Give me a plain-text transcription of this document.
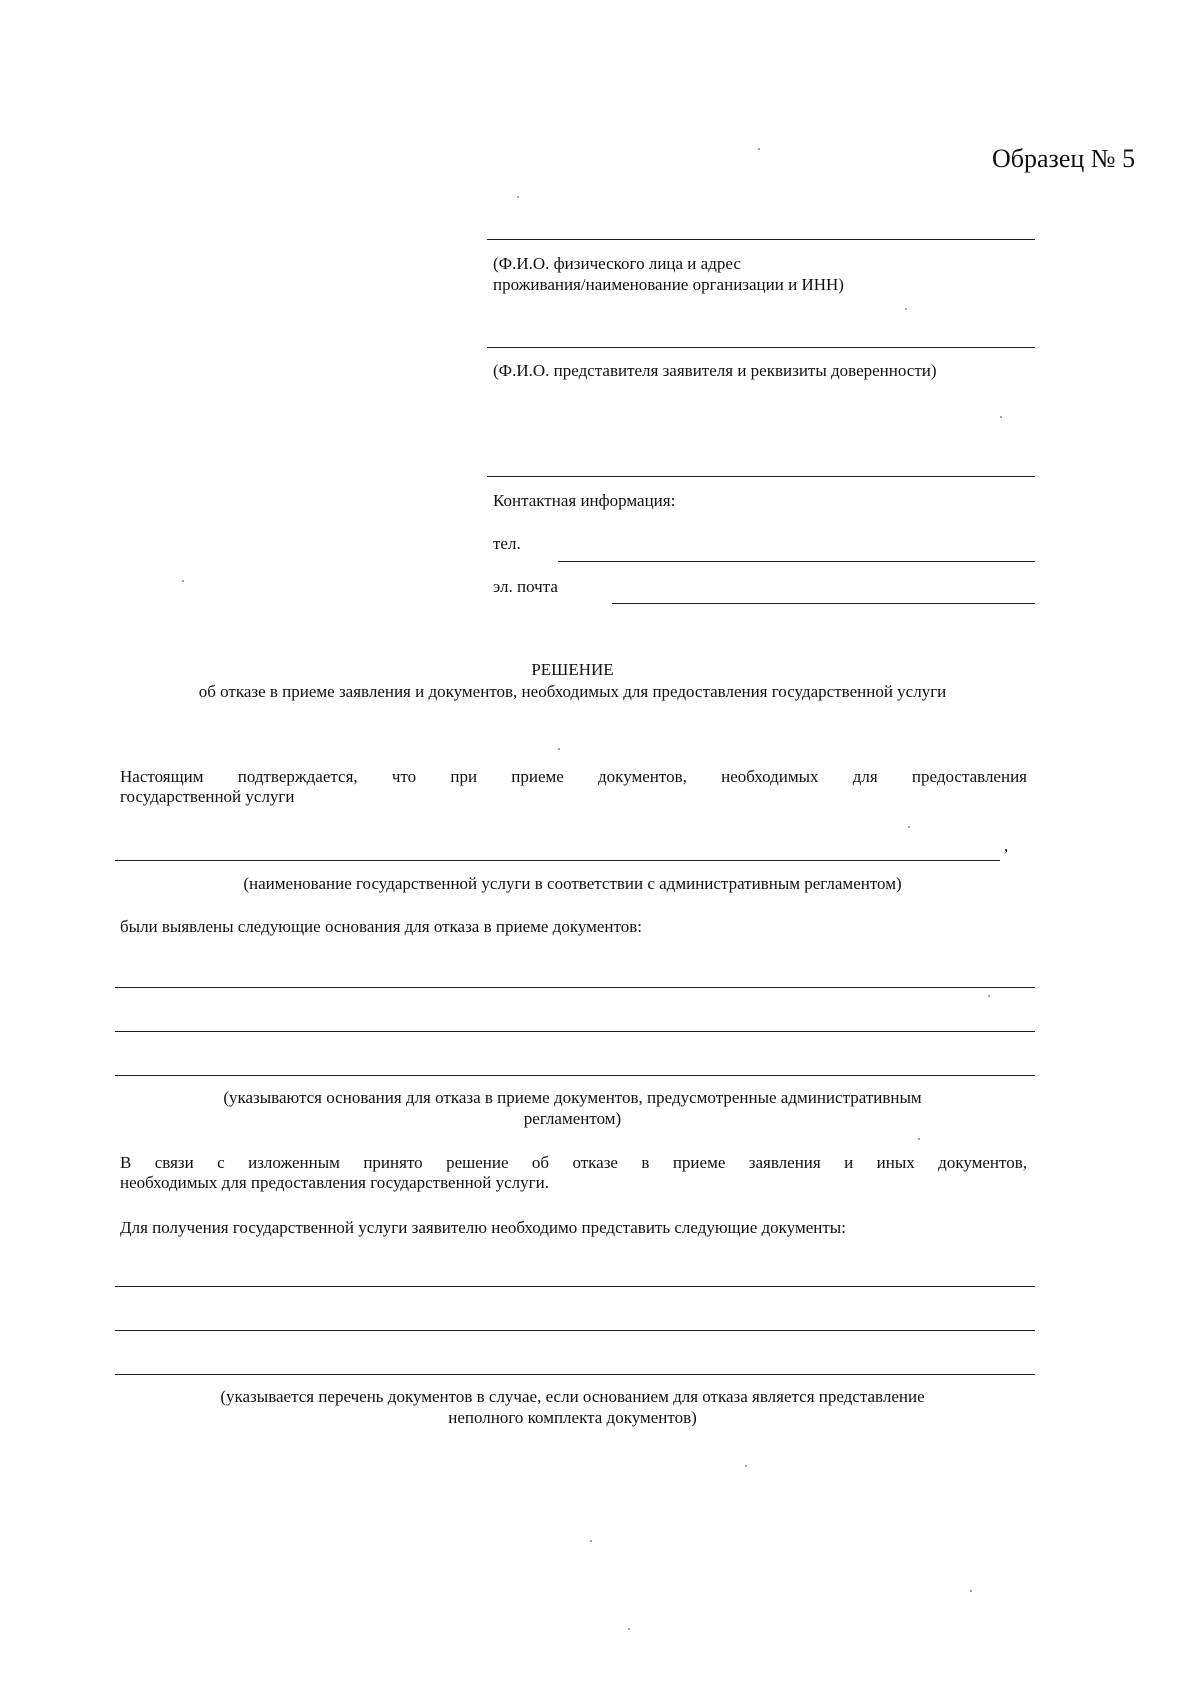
Образец № 5
(Ф.И.О. физического лица и адрес
проживания/наименование организации и ИНН)
(Ф.И.О. представителя заявителя и реквизиты доверенности)
Контактная информация:
тел.
эл. почта
РЕШЕНИЕ
об отказе в приеме заявления и документов, необходимых для предоставления государственной услуги
Настоящим подтверждается, что при приеме документов, необходимых для предоставления
государственной услуги
,
(наименование государственной услуги в соответствии с административным регламентом)
были выявлены следующие основания для отказа в приеме документов:
(указываются основания для отказа в приеме документов, предусмотренные административным
регламентом)
В связи с изложенным принято решение об отказе в приеме заявления и иных документов,
необходимых для предоставления государственной услуги.
Для получения государственной услуги заявителю необходимо представить следующие документы:
(указывается перечень документов в случае, если основанием для отказа является представление
неполного комплекта документов)
